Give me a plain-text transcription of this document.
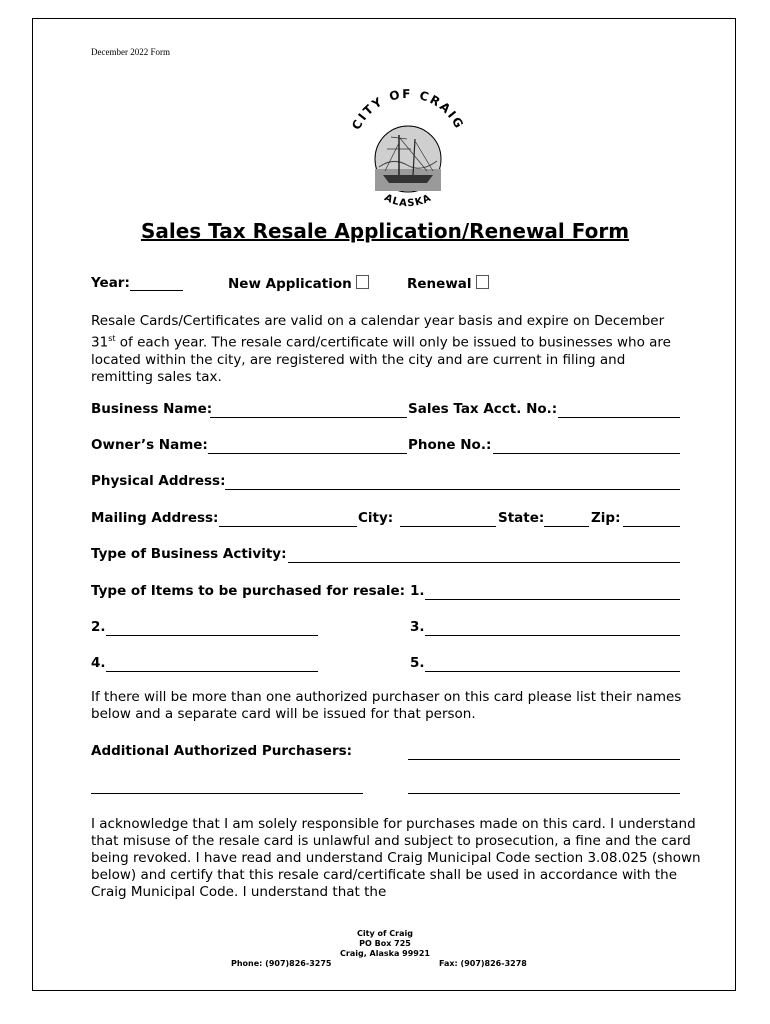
December 2022 Form
CITY OF CRAIG
ALASKA
Sales Tax Resale Application/Renewal Form
Year:	New Application	Renewal
Resale Cards/Certificates are valid on a calendar year basis and expire on December 31st of each year. The resale card/certificate will only be issued to businesses who are located within the city, are registered with the city and are current in filing and remitting sales tax.
Business Name:	Sales Tax Acct. No.:
Owner’s Name:	Phone No.:
Physical Address:
Mailing Address:	City:	State:	Zip:
Type of Business Activity:
Type of Items to be purchased for resale: 1.
2.	3.
4.	5.
If there will be more than one authorized purchaser on this card please list their names below and a separate card will be issued for that person.
Additional Authorized Purchasers:
I acknowledge that I am solely responsible for purchases made on this card. I understand that misuse of the resale card is unlawful and subject to prosecution, a fine and the card being revoked. I have read and understand Craig Municipal Code section 3.08.025 (shown below) and certify that this resale card/certificate shall be used in accordance with the Craig Municipal Code. I understand that the
City of Craig
PO Box 725
Craig, Alaska 99921
Phone: (907)826-3275	Fax: (907)826-3278
